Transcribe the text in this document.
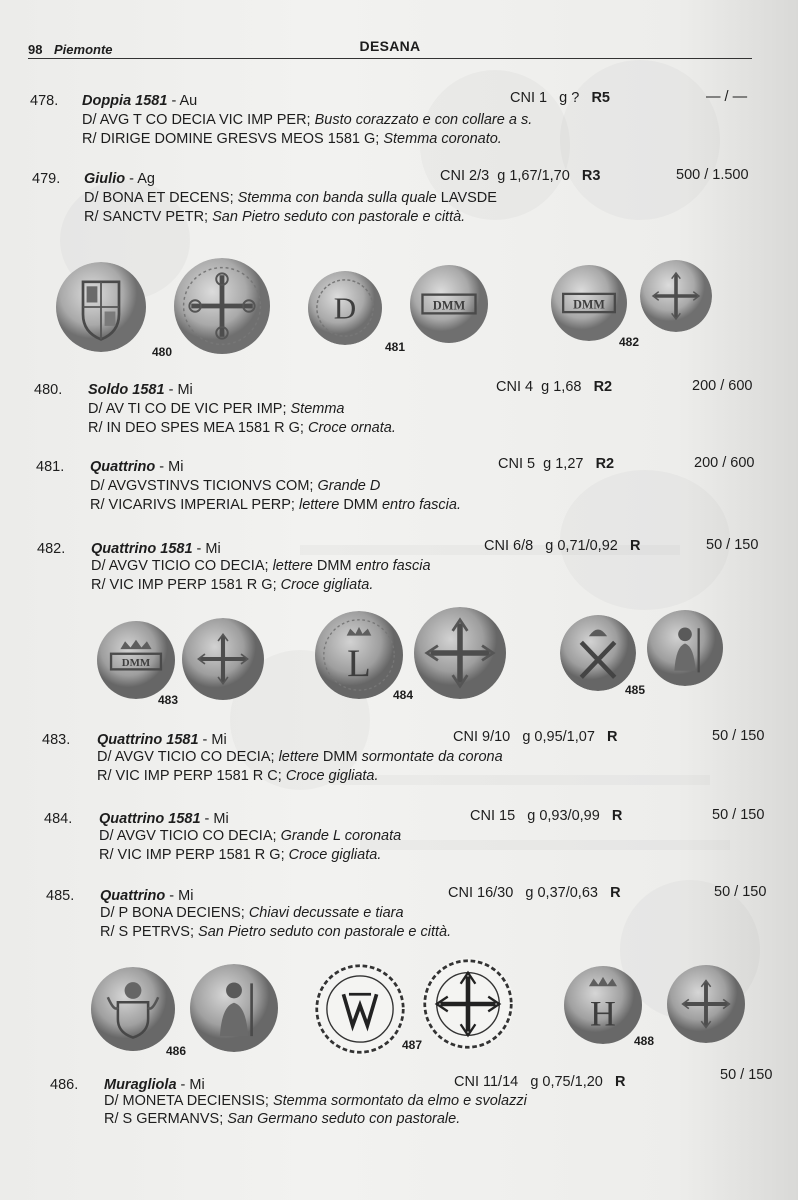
98 Piemonte	DESANA
478. Doppia 1581 - Au	CNI 1 g ? R5	— / —
D/ AVG T CO DECIA VIC IMP PER; Busto corazzato e con collare a s.
R/ DIRIGE DOMINE GRESVS MEOS 1581 G; Stemma coronato.
479. Giulio - Ag	CNI 2/3 g 1,67/1,70 R3	500 / 1.500
D/ BONA ET DECENS; Stemma con banda sulla quale LAVSDE
R/ SANCTV PETR; San Pietro seduto con pastorale e città.
D	DMM	DMM
480	481	482
480. Soldo 1581 - Mi	CNI 4 g 1,68 R2	200 / 600
D/ AV TI CO DE VIC PER IMP; Stemma
R/ IN DEO SPES MEA 1581 R G; Croce ornata.
481. Quattrino - Mi	CNI 5 g 1,27 R2	200 / 600
D/ AVGVSTINVS TICIONVS COM; Grande D
R/ VICARIVS IMPERIAL PERP; lettere DMM entro fascia.
482. Quattrino 1581 - Mi	CNI 6/8 g 0,71/0,92 R	50 / 150
D/ AVGV TICIO CO DECIA; lettere DMM entro fascia
R/ VIC IMP PERP 1581 R G; Croce gigliata.
DMM	L
483	484	485
483. Quattrino 1581 - Mi	CNI 9/10 g 0,95/1,07 R	50 / 150
D/ AVGV TICIO CO DECIA; lettere DMM sormontate da corona
R/ VIC IMP PERP 1581 R C; Croce gigliata.
484. Quattrino 1581 - Mi	CNI 15 g 0,93/0,99 R	50 / 150
D/ AVGV TICIO CO DECIA; Grande L coronata
R/ VIC IMP PERP 1581 R G; Croce gigliata.
485. Quattrino - Mi	CNI 16/30 g 0,37/0,63 R	50 / 150
D/ P BONA DECIENS; Chiavi decussate e tiara
R/ S PETRVS; San Pietro seduto con pastorale e città.
H
486	487	488
486. Muragliola - Mi	CNI 11/14 g 0,75/1,20 R	50 / 150
D/ MONETA DECIENSIS; Stemma sormontato da elmo e svolazzi
R/ S GERMANVS; San Germano seduto con pastorale.
